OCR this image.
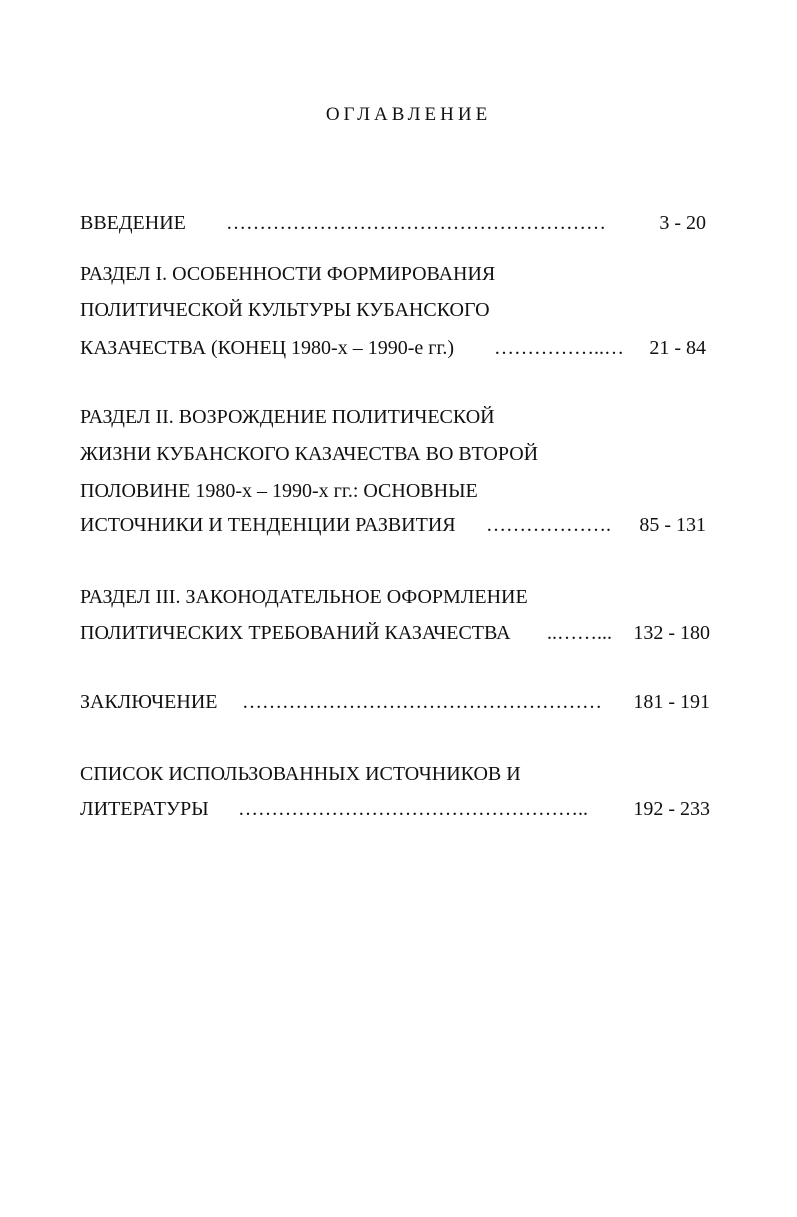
ОГЛАВЛЕНИЕ
ВВЕДЕНИЕ …………………………………………………	3 - 20
РАЗДЕЛ I. ОСОБЕННОСТИ ФОРМИРОВАНИЯ
ПОЛИТИЧЕСКОЙ КУЛЬТУРЫ КУБАНСКОГО
КАЗАЧЕСТВА (КОНЕЦ 1980-х – 1990-е гг.) ……………..… 21 - 84
РАЗДЕЛ II. ВОЗРОЖДЕНИЕ ПОЛИТИЧЕСКОЙ
ЖИЗНИ КУБАНСКОГО КАЗАЧЕСТВА ВО ВТОРОЙ
ПОЛОВИНЕ 1980-х – 1990-х гг.: ОСНОВНЫЕ
ИСТОЧНИКИ И ТЕНДЕНЦИИ РАЗВИТИЯ ………………. 85 - 131
РАЗДЕЛ III. ЗАКОНОДАТЕЛЬНОЕ ОФОРМЛЕНИЕ
ПОЛИТИЧЕСКИХ ТРЕБОВАНИЙ КАЗАЧЕСТВА ..……... 132 - 180
ЗАКЛЮЧЕНИЕ ……………………………………………… 181 - 191
СПИСОК ИСПОЛЬЗОВАННЫХ ИСТОЧНИКОВ И
ЛИТЕРАТУРЫ …………………………………………….. 192 - 233
